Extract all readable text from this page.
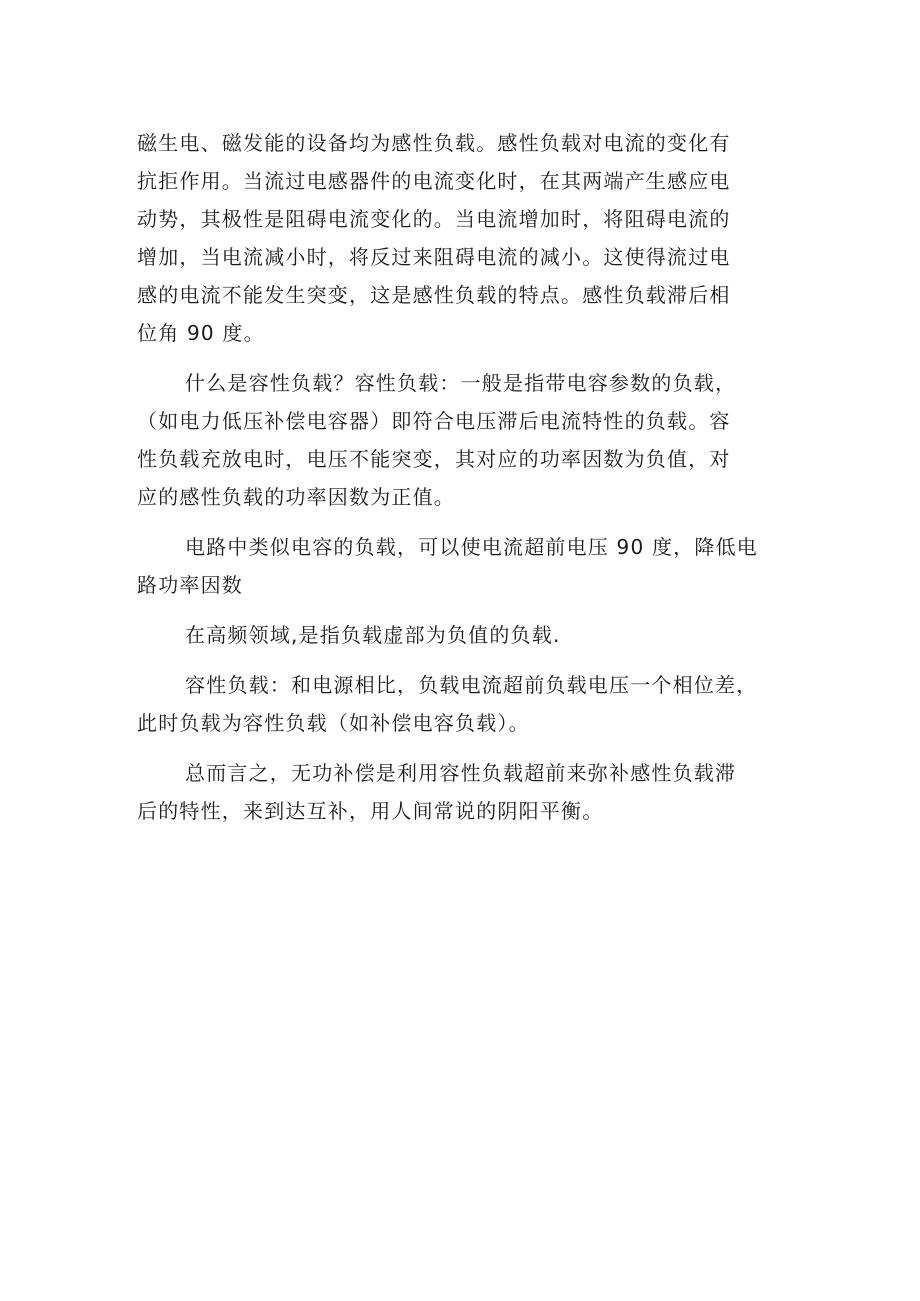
磁生电、磁发能的设备均为感性负载。感性负载对电流的变化有
抗拒作用。当流过电感器件的电流变化时，在其两端产生感应电
动势，其极性是阻碍电流变化的。当电流增加时，将阻碍电流的
增加，当电流减小时，将反过来阻碍电流的减小。这使得流过电
感的电流不能发生突变，这是感性负载的特点。感性负载滞后相
位角 90 度。

什么是容性负载？容性负载：一般是指带电容参数的负载，
（如电力低压补偿电容器）即符合电压滞后电流特性的负载。容
性负载充放电时，电压不能突变，其对应的功率因数为负值，对
应的感性负载的功率因数为正值。

电路中类似电容的负载，可以使电流超前电压 90 度，降低电
路功率因数

在高频领域,是指负载虚部为负值的负载.

容性负载：和电源相比，负载电流超前负载电压一个相位差，
此时负载为容性负载（如补偿电容负载）。

总而言之，无功补偿是利用容性负载超前来弥补感性负载滞
后的特性，来到达互补，用人间常说的阴阳平衡。
